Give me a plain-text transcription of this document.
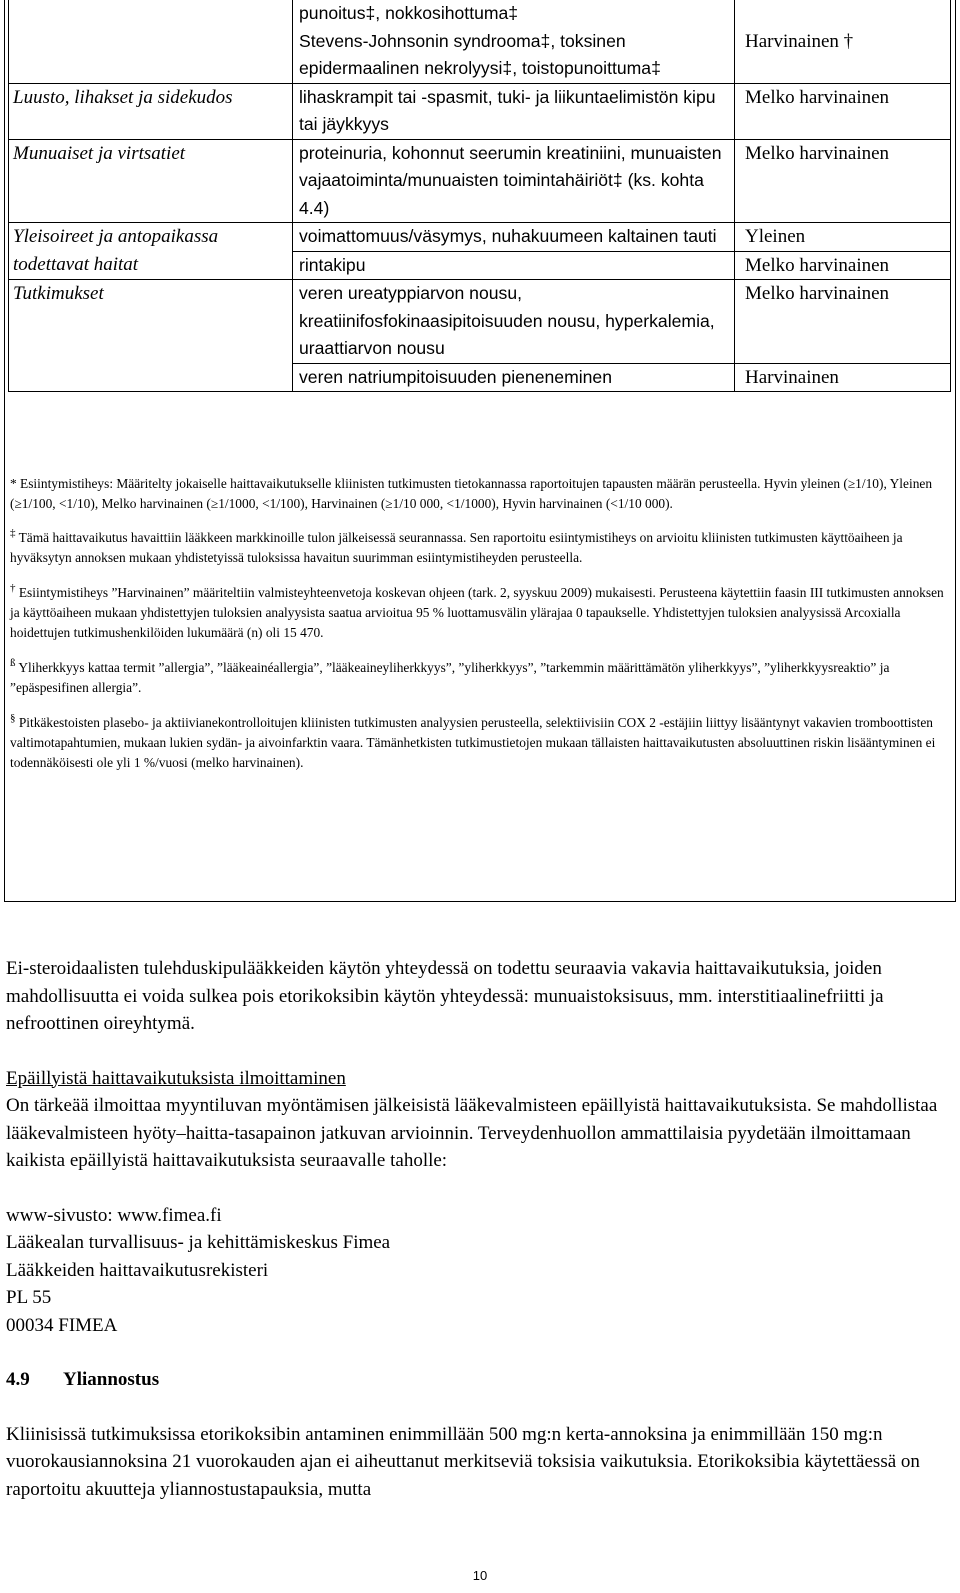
	punoitus‡, nokkosihottuma‡
Stevens-Johnsonin syndrooma‡, toksinen epidermaalinen nekrolyysi‡, toistopunoittuma‡	Harvinainen †

Luusto, lihakset ja sidekudos	lihaskrampit tai -spasmit, tuki- ja liikuntaelimistön kipu tai jäykkyys	Melko harvinainen
Munuaiset ja virtsatiet	proteinuria, kohonnut seerumin kreatiniini, munuaisten vajaatoiminta/munuaisten toimintahäiriöt‡ (ks. kohta 4.4)	Melko harvinainen
Yleisoireet ja antopaikassa todettavat haitat	voimattomuus/väsymys, nuhakuumeen kaltainen tauti	Yleinen
	rintakipu	Melko harvinainen
Tutkimukset	veren ureatyppiarvon nousu, kreatiinifosfokinaasipitoisuuden nousu, hyperkalemia, uraattiarvon nousu	Melko harvinainen
	veren natriumpitoisuuden pieneneminen	Harvinainen

* Esiintymistiheys: Määritelty jokaiselle haittavaikutukselle kliinisten tutkimusten tietokannassa raportoitujen tapausten määrän perusteella. Hyvin yleinen (≥1/10), Yleinen (≥1/100, <1/10), Melko harvinainen (≥1/1000, <1/100), Harvinainen (≥1/10 000, <1/1000), Hyvin harvinainen (<1/10 000).

‡ Tämä haittavaikutus havaittiin lääkkeen markkinoille tulon jälkeisessä seurannassa. Sen raportoitu esiintymistiheys on arvioitu kliinisten tutkimusten käyttöaiheen ja hyväksytyn annoksen mukaan yhdistetyissä tuloksissa havaitun suurimman esiintymistiheyden perusteella.

† Esiintymistiheys ”Harvinainen” määriteltiin valmisteyhteenvetoja koskevan ohjeen (tark. 2, syyskuu 2009) mukaisesti. Perusteena käytettiin faasin III tutkimusten annoksen ja käyttöaiheen mukaan yhdistettyjen tuloksien analyysista saatua arvioitua 95 % luottamusvälin ylärajaa 0 tapaukselle. Yhdistettyjen tuloksien analyysissä Arcoxialla hoidettujen tutkimushenkilöiden lukumäärä (n) oli 15 470.

$^ß$ Yliherkkyys kattaa termit ”allergia”, ”lääkeainéallergia”, ”lääkeaineyliherkkyys”, ”yliherkkyys”, ”tarkemmin määrittämätön yliherkkyys”, ”yliherkkyysreaktio” ja ”epäspesifinen allergia”.

§ Pitkäkestoisten plasebo- ja aktiivianekontrolloitujen kliinisten tutkimusten analyysien perusteella, selektiivisiin COX 2 -estäjiin liittyy lisääntynyt vakavien tromboottisten valtimotapahtumien, mukaan lukien sydän- ja aivoinfarktin vaara. Tämänhetkisten tutkimustietojen mukaan tällaisten haittavaikutusten absoluuttinen riskin lisääntyminen ei todennäköisesti ole yli 1 %/vuosi (melko harvinainen).

Ei-steroidaalisten tulehduskipulääkkeiden käytön yhteydessä on todettu seuraavia vakavia haittavaikutuksia, joiden mahdollisuutta ei voida sulkea pois etorikoksibin käytön yhteydessä: munuaistoksisuus, mm. interstitiaalinefriitti ja nefroottinen oireyhtymä.

Epäillyistä haittavaikutuksista ilmoittaminen

On tärkeää ilmoittaa myyntiluvan myöntämisen jälkeisistä lääkevalmisteen epäillyistä haittavaikutuksista. Se mahdollistaa lääkevalmisteen hyöty–haitta-tasapainon jatkuvan arvioinnin. Terveydenhuollon ammattilaisia pyydetään ilmoittamaan kaikista epäillyistä haittavaikutuksista seuraavalle taholle:

www-sivusto: www.fimea.fi

Lääkealan turvallisuus- ja kehittämiskeskus Fimea

Lääkkeiden haittavaikutusrekisteri

PL 55

00034 FIMEA

4.9 Yliannostus

Kliinisissä tutkimuksissa etorikoksibin antaminen enimmillään 500 mg:n kerta-annoksina ja enimmillään 150 mg:n vuorokausiannoksina 21 vuorokauden ajan ei aiheuttanut merkitseviä toksisia vaikutuksia. Etorikoksibia käytettäessä on raportoitu akuutteja yliannostustapauksia, mutta

10
